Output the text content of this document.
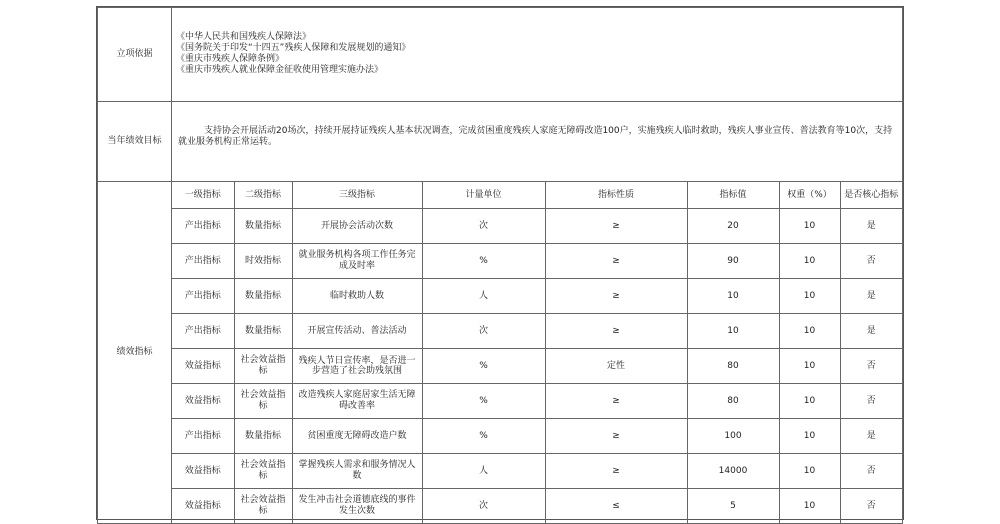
立项依据	
《中华人民共和国残疾人保障法》
《国务院关于印发“十四五”残疾人保障和发展规划的通知》
《重庆市残疾人保障条例》
《重庆市残疾人就业保障金征收使用管理实施办法》

当年绩效目标	支持协会开展活动20场次，持续开展持证残疾人基本状况调查，完成贫困重度残疾人家庭无障碍改造100户，实施残疾人临时救助，残疾人事业宣传、普法教育等10次，支持就业服务机构正常运转。
绩效指标	
一级指标	二级指标	三级指标	计量单位	指标性质	指标值	权重（%）	是否核心指标
产出指标	数量指标	开展协会活动次数	次	≥	20	10	是
产出指标	时效指标	就业服务机构各项工作任务完成及时率	%	≥	90	10	否
产出指标	数量指标	临时救助人数	人	≥	10	10	是
产出指标	数量指标	开展宣传活动、普法活动	次	≥	10	10	是
效益指标	社会效益指标	残疾人节日宣传率，是否进一步营造了社会助残氛围	%	定性	80	10	否
效益指标	社会效益指标	改造残疾人家庭居家生活无障碍改善率	%	≥	80	10	否
产出指标	数量指标	贫困重度无障碍改造户数	%	≥	100	10	是
效益指标	社会效益指标	掌握残疾人需求和服务情况人数	人	≥	14000	10	否
效益指标	社会效益指标	发生冲击社会道德底线的事件发生次数	次	≤	5	10	否
